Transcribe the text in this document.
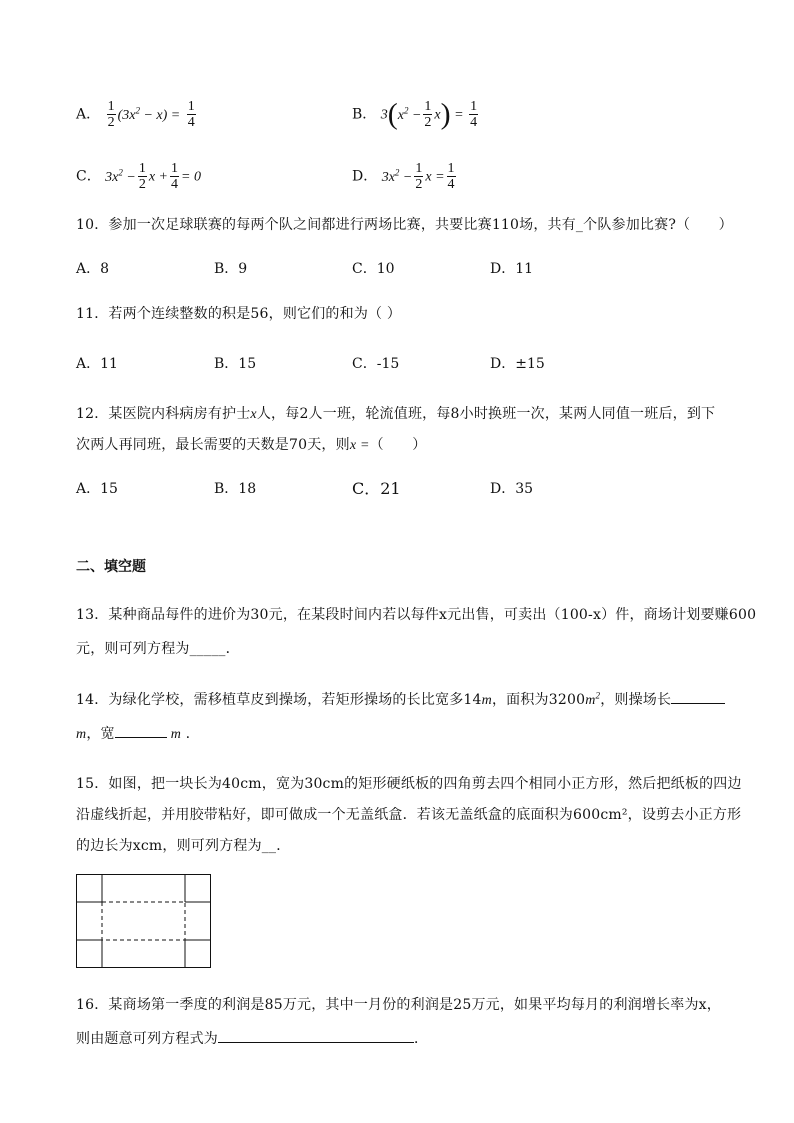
A． $\frac{1}{2} (3x^2 - x) = \frac{1}{4}$	B． $3(x^2 - \frac{1}{2} x) = \frac{1}{4}$
C． $3x^2 - \frac{1}{2}$ $x + \frac{1}{4} = 0$	D． $3x^2 - \frac{1}{2}$ $x = \frac{1}{4}$
10．参加一次足球联赛的每两个队之间都进行两场比赛，共要比赛110场，共有_个队参加比赛?（　　）
A．8	B．9	C．10	D．11
11．若两个连续整数的积是56，则它们的和为（ ）
A．11	B．15	C．-15	D．±15
12．某医院内科病房有护士x人，每2人一班，轮流值班，每8小时换班一次，某两人同值一班后，到下
次两人再同班，最长需要的天数是70天，则x =（　　）
A．15	B．18	C．21	D．35
二、填空题
13．某种商品每件的进价为30元，在某段时间内若以每件x元出售，可卖出（100-x）件，商场计划要赚600
元，则可列方程为_____．
14．为绿化学校，需移植草皮到操场，若矩形操场的长比宽多14m，面积为$3200m^2$，则操场长
m，宽	m .
15．如图，把一块长为40cm，宽为30cm的矩形硬纸板的四角剪去四个相同小正方形，然后把纸板的四边
沿虚线折起，并用胶带粘好，即可做成一个无盖纸盒．若该无盖纸盒的底面积为600cm²，设剪去小正方形
的边长为xcm，则可列方程为__．
16．某商场第一季度的利润是85万元，其中一月份的利润是25万元，如果平均每月的利润增长率为x，
则由题意可列方程式为	．
